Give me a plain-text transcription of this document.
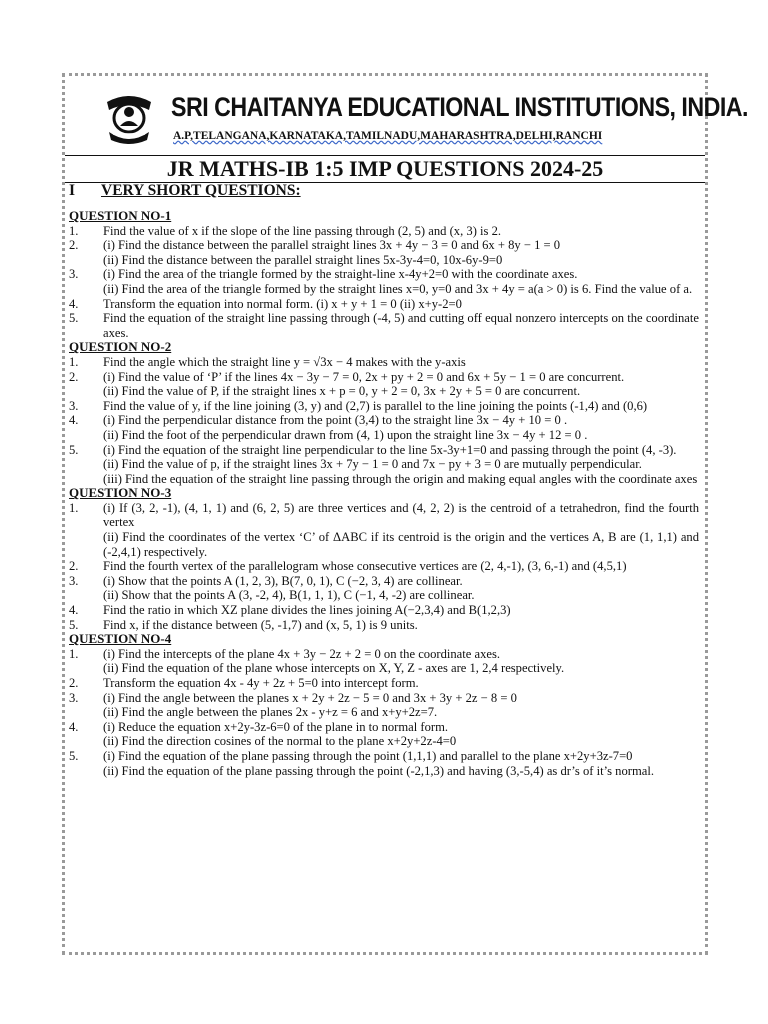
SRI CHAITANYA EDUCATIONAL INSTITUTIONS, INDIA.
A.P,TELANGANA,KARNATAKA,TAMILNADU,MAHARASHTRA,DELHI,RANCHI
JR MATHS-IB 1:5 IMP QUESTIONS 2024-25
I VERY SHORT QUESTIONS:
QUESTION NO-1
1.	Find the value of x if the slope of the line passing through (2, 5) and (x, 3) is 2.
2.	(i) Find the distance between the parallel straight lines 3x + 4y − 3 = 0 and 6x + 8y − 1 = 0
(ii) Find the distance between the parallel straight lines 5x-3y-4=0, 10x-6y-9=0
3.	(i) Find the area of the triangle formed by the straight-line x-4y+2=0 with the coordinate axes.
(ii) Find the area of the triangle formed by the straight lines x=0, y=0 and 3x + 4y = a(a > 0) is 6. Find the value of a.
4.	Transform the equation into normal form. (i) x + y + 1 = 0 (ii) x+y-2=0
5.	Find the equation of the straight line passing through (-4, 5) and cutting off equal nonzero intercepts on the coordinate axes.
QUESTION NO-2
1.	Find the angle which the straight line y = √3x − 4 makes with the y-axis
2.	(i) Find the value of ‘P’ if the lines 4x − 3y − 7 = 0, 2x + py + 2 = 0 and 6x + 5y − 1 = 0 are concurrent.
(ii) Find the value of P, if the straight lines x + p = 0, y + 2 = 0, 3x + 2y + 5 = 0 are concurrent.
3.	Find the value of y, if the line joining (3, y) and (2,7) is parallel to the line joining the points (-1,4) and (0,6)
4.	(i) Find the perpendicular distance from the point (3,4) to the straight line 3x − 4y + 10 = 0 .
(ii) Find the foot of the perpendicular drawn from (4, 1) upon the straight line 3x − 4y + 12 = 0 .
5.	(i) Find the equation of the straight line perpendicular to the line 5x-3y+1=0 and passing through the point (4, -3).
(ii) Find the value of p, if the straight lines 3x + 7y − 1 = 0 and 7x − py + 3 = 0 are mutually perpendicular.
(iii) Find the equation of the straight line passing through the origin and making equal angles with the coordinate axes
QUESTION NO-3
1.	(i) If (3, 2, -1), (4, 1, 1) and (6, 2, 5) are three vertices and (4, 2, 2) is the centroid of a tetrahedron, find the fourth vertex
(ii) Find the coordinates of the vertex ‘C’ of ΔABC if its centroid is the origin and the vertices A, B are (1, 1,1) and (-2,4,1) respectively.
2.	Find the fourth vertex of the parallelogram whose consecutive vertices are (2, 4,-1), (3, 6,-1) and (4,5,1)
3.	(i) Show that the points A (1, 2, 3), B(7, 0, 1), C (−2, 3, 4) are collinear.
(ii) Show that the points A (3, -2, 4), B(1, 1, 1), C (−1, 4, -2) are collinear.
4.	Find the ratio in which XZ plane divides the lines joining A(−2,3,4) and B(1,2,3)
5.	Find x, if the distance between (5, -1,7) and (x, 5, 1) is 9 units.
QUESTION NO-4
1.	(i) Find the intercepts of the plane 4x + 3y − 2z + 2 = 0 on the coordinate axes.
(ii) Find the equation of the plane whose intercepts on X, Y, Z - axes are 1, 2,4 respectively.
2.	Transform the equation 4x - 4y + 2z + 5=0 into intercept form.
3.	(i) Find the angle between the planes x + 2y + 2z − 5 = 0 and 3x + 3y + 2z − 8 = 0
(ii) Find the angle between the planes 2x - y+z = 6 and x+y+2z=7.
4.	(i) Reduce the equation x+2y-3z-6=0 of the plane in to normal form.
(ii) Find the direction cosines of the normal to the plane x+2y+2z-4=0
5.	(i) Find the equation of the plane passing through the point (1,1,1) and parallel to the plane x+2y+3z-7=0
(ii) Find the equation of the plane passing through the point (-2,1,3) and having (3,-5,4) as dr’s of it’s normal.
